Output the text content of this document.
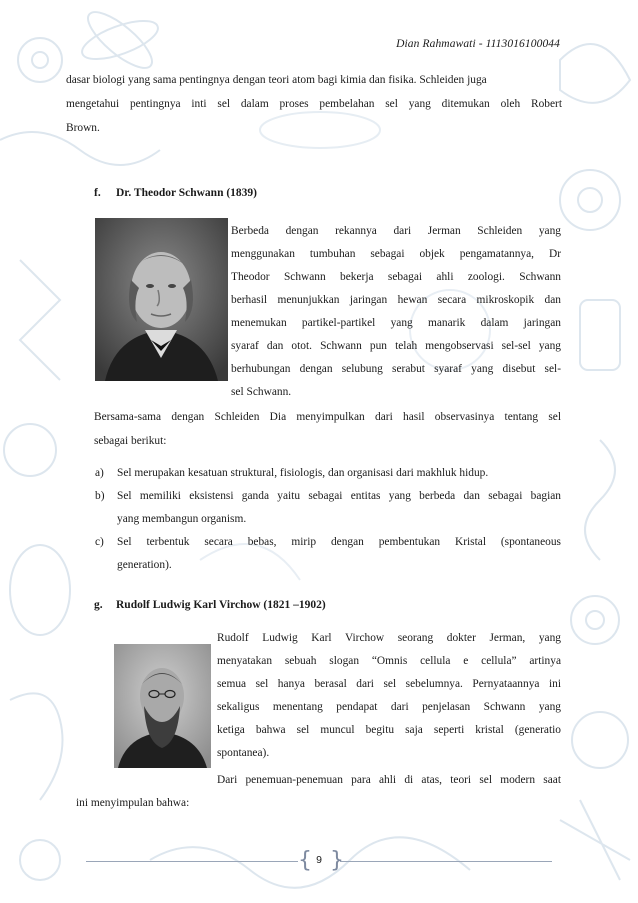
Dian Rahmawati - 1113016100044
dasar biologi yang sama pentingnya dengan teori atom bagi kimia dan fisika. Schleiden juga
mengetahui pentingnya inti sel dalam proses pembelahan sel yang ditemukan oleh Robert
Brown.
f. Dr. Theodor Schwann (1839)
Berbeda dengan rekannya dari Jerman Schleiden yang
menggunakan tumbuhan sebagai objek pengamatannya, Dr
Theodor Schwann bekerja sebagai ahli zoologi. Schwann
berhasil menunjukkan jaringan hewan secara mikroskopik dan
menemukan partikel-partikel yang manarik dalam jaringan
syaraf dan otot. Schwann pun telah mengobservasi sel-sel yang
berhubungan dengan selubung serabut syaraf yang disebut sel-
sel Schwann.
Bersama-sama dengan Schleiden Dia menyimpulkan dari hasil observasinya tentang sel
sebagai berikut:
a) Sel merupakan kesatuan struktural, fisiologis, dan organisasi dari makhluk hidup.
b) Sel memiliki eksistensi ganda yaitu sebagai entitas yang berbeda dan sebagai bagian
yang membangun organism.
c) Sel terbentuk secara bebas, mirip dengan pembentukan Kristal (spontaneous
generation).
g. Rudolf Ludwig Karl Virchow (1821 –1902)
Rudolf Ludwig Karl Virchow seorang dokter Jerman, yang
menyatakan sebuah slogan “Omnis cellula e cellula” artinya
semua sel hanya berasal dari sel sebelumnya. Pernyataannya ini
sekaligus menentang pendapat dari penjelasan Schwann yang
ketiga bahwa sel muncul begitu saja seperti kristal (generatio
spontanea).
Dari penemuan-penemuan para ahli di atas, teori sel modern saat
ini menyimpulan bahwa:
{ }
9
